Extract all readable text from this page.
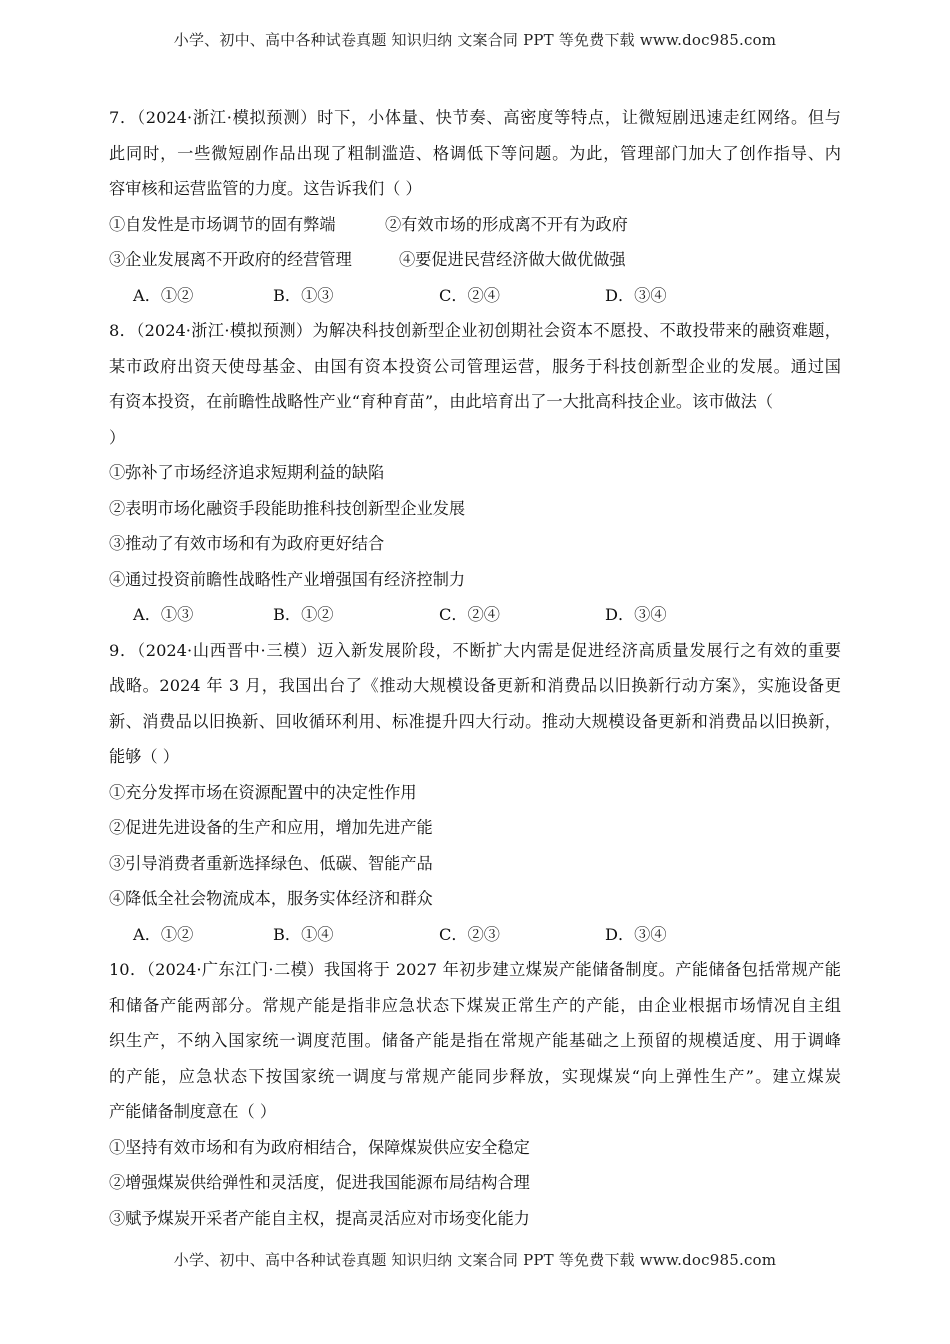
小学、初中、高中各种试卷真题 知识归纳 文案合同 PPT 等免费下载 www.doc985.com
7．（2024·浙江·模拟预测）时下，小体量、快节奏、高密度等特点，让微短剧迅速走红网络。但与
此同时，一些微短剧作品出现了粗制滥造、格调低下等问题。为此，管理部门加大了创作指导、内
容审核和运营监管的力度。这告诉我们（ ）
①自发性是市场调节的固有弊端	②有效市场的形成离不开有为政府
③企业发展离不开政府的经营管理	④要促进民营经济做大做优做强
A．①②	B．①③	C．②④	D．③④
8．（2024·浙江·模拟预测）为解决科技创新型企业初创期社会资本不愿投、不敢投带来的融资难题，
某市政府出资天使母基金、由国有资本投资公司管理运营，服务于科技创新型企业的发展。通过国
有资本投资，在前瞻性战略性产业“育种育苗”，由此培育出了一大批高科技企业。该市做法（
）
①弥补了市场经济追求短期利益的缺陷
②表明市场化融资手段能助推科技创新型企业发展
③推动了有效市场和有为政府更好结合
④通过投资前瞻性战略性产业增强国有经济控制力
A．①③	B．①②	C．②④	D．③④
9．（2024·山西晋中·三模）迈入新发展阶段，不断扩大内需是促进经济高质量发展行之有效的重要
战略。2024 年 3 月，我国出台了《推动大规模设备更新和消费品以旧换新行动方案》，实施设备更
新、消费品以旧换新、回收循环利用、标准提升四大行动。推动大规模设备更新和消费品以旧换新，
能够（ ）
①充分发挥市场在资源配置中的决定性作用
②促进先进设备的生产和应用，增加先进产能
③引导消费者重新选择绿色、低碳、智能产品
④降低全社会物流成本，服务实体经济和群众
A．①②	B．①④	C．②③	D．③④
10．（2024·广东江门·二模）我国将于 2027 年初步建立煤炭产能储备制度。产能储备包括常规产能
和储备产能两部分。常规产能是指非应急状态下煤炭正常生产的产能，由企业根据市场情况自主组
织生产，不纳入国家统一调度范围。储备产能是指在常规产能基础之上预留的规模适度、用于调峰
的产能，应急状态下按国家统一调度与常规产能同步释放，实现煤炭“向上弹性生产”。建立煤炭
产能储备制度意在（ ）
①坚持有效市场和有为政府相结合，保障煤炭供应安全稳定
②增强煤炭供给弹性和灵活度，促进我国能源布局结构合理
③赋予煤炭开采者产能自主权，提高灵活应对市场变化能力
小学、初中、高中各种试卷真题 知识归纳 文案合同 PPT 等免费下载 www.doc985.com
